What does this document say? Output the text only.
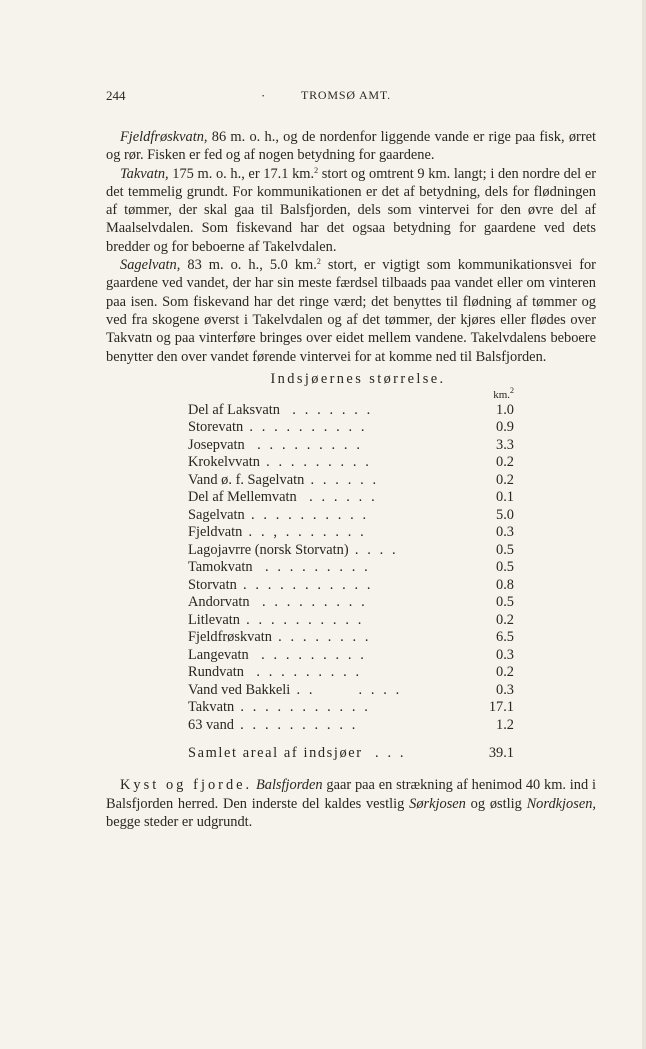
244	·	TROMSØ AMT.

Fjeldfrøskvatn, 86 m. o. h., og de nordenfor liggende vande er rige paa fisk, ørret og rør. Fisken er fed og af nogen betydning for gaardene.

Takvatn, 175 m. o. h., er 17.1 km.$^2$ stort og omtrent 9 km. langt; i den nordre del er det temmelig grundt. For kommunikationen er det af betydning, dels for flødningen af tømmer, der skal gaa til Balsfjorden, dels som vintervei for den øvre del af Maalselvdalen. Som fiskevand har det ogsaa betydning for gaardene ved dets bredder og for beboerne af Takelvdalen.

Sagelvatn, 83 m. o. h., 5.0 km.$^2$ stort, er vigtigt som kommunikationsvei for gaardene ved vandet, der har sin meste færdsel tilbaads paa vandet eller om vinteren paa isen. Som fiskevand har det ringe værd; det benyttes til flødning af tømmer og ved fra skogene øverst i Takelvdalen og af det tømmer, der kjøres eller flødes over Takvatn og paa vinterføre bringes over eidet mellem vandene. Takelvdalens beboere benytter den over vandet førende vintervei for at komme ned til Balsfjorden.

Indsjøernes størrelse.
	km.$^2$
Del af Laksvatn  . . . . . . .	1.0
Storevatn . . . . . . . . . .	0.9
Josepvatn  . . . . . . . . .	3.3
Krokelvvatn . . . . . . . . .	0.2
Vand ø. f. Sagelvatn . . . . . .	0.2
Del af Mellemvatn  . . . . . .	0.1
Sagelvatn . . . . . . . . . .	5.0
Fjeldvatn . . , . . . . . . .	0.3
Lagojavrre (norsk Storvatn) . . . .	0.5
Tamokvatn  . . . . . . . . .	0.5
Storvatn . . . . . . . . . . .	0.8
Andorvatn  . . . . . . . . .	0.5
Litlevatn . . . . . . . . . .	0.2
Fjeldfrøskvatn . . . . . . . .	6.5
Langevatn  . . . . . . . . .	0.3
Rundvatn  . . . . . . . . .	0.2
Vand ved Bakkeli . .       . . . .	0.3
Takvatn . . . . . . . . . . .	17.1
63 vand . . . . . . . . . .	1.2
Samlet areal af indsjøer  . . .	39.1

Kyst og fjorde. Balsfjorden gaar paa en strækning af henimod 40 km. ind i Balsfjorden herred. Den inderste del kaldes vestlig Sørkjosen og østlig Nordkjosen, begge steder er udgrundt.
